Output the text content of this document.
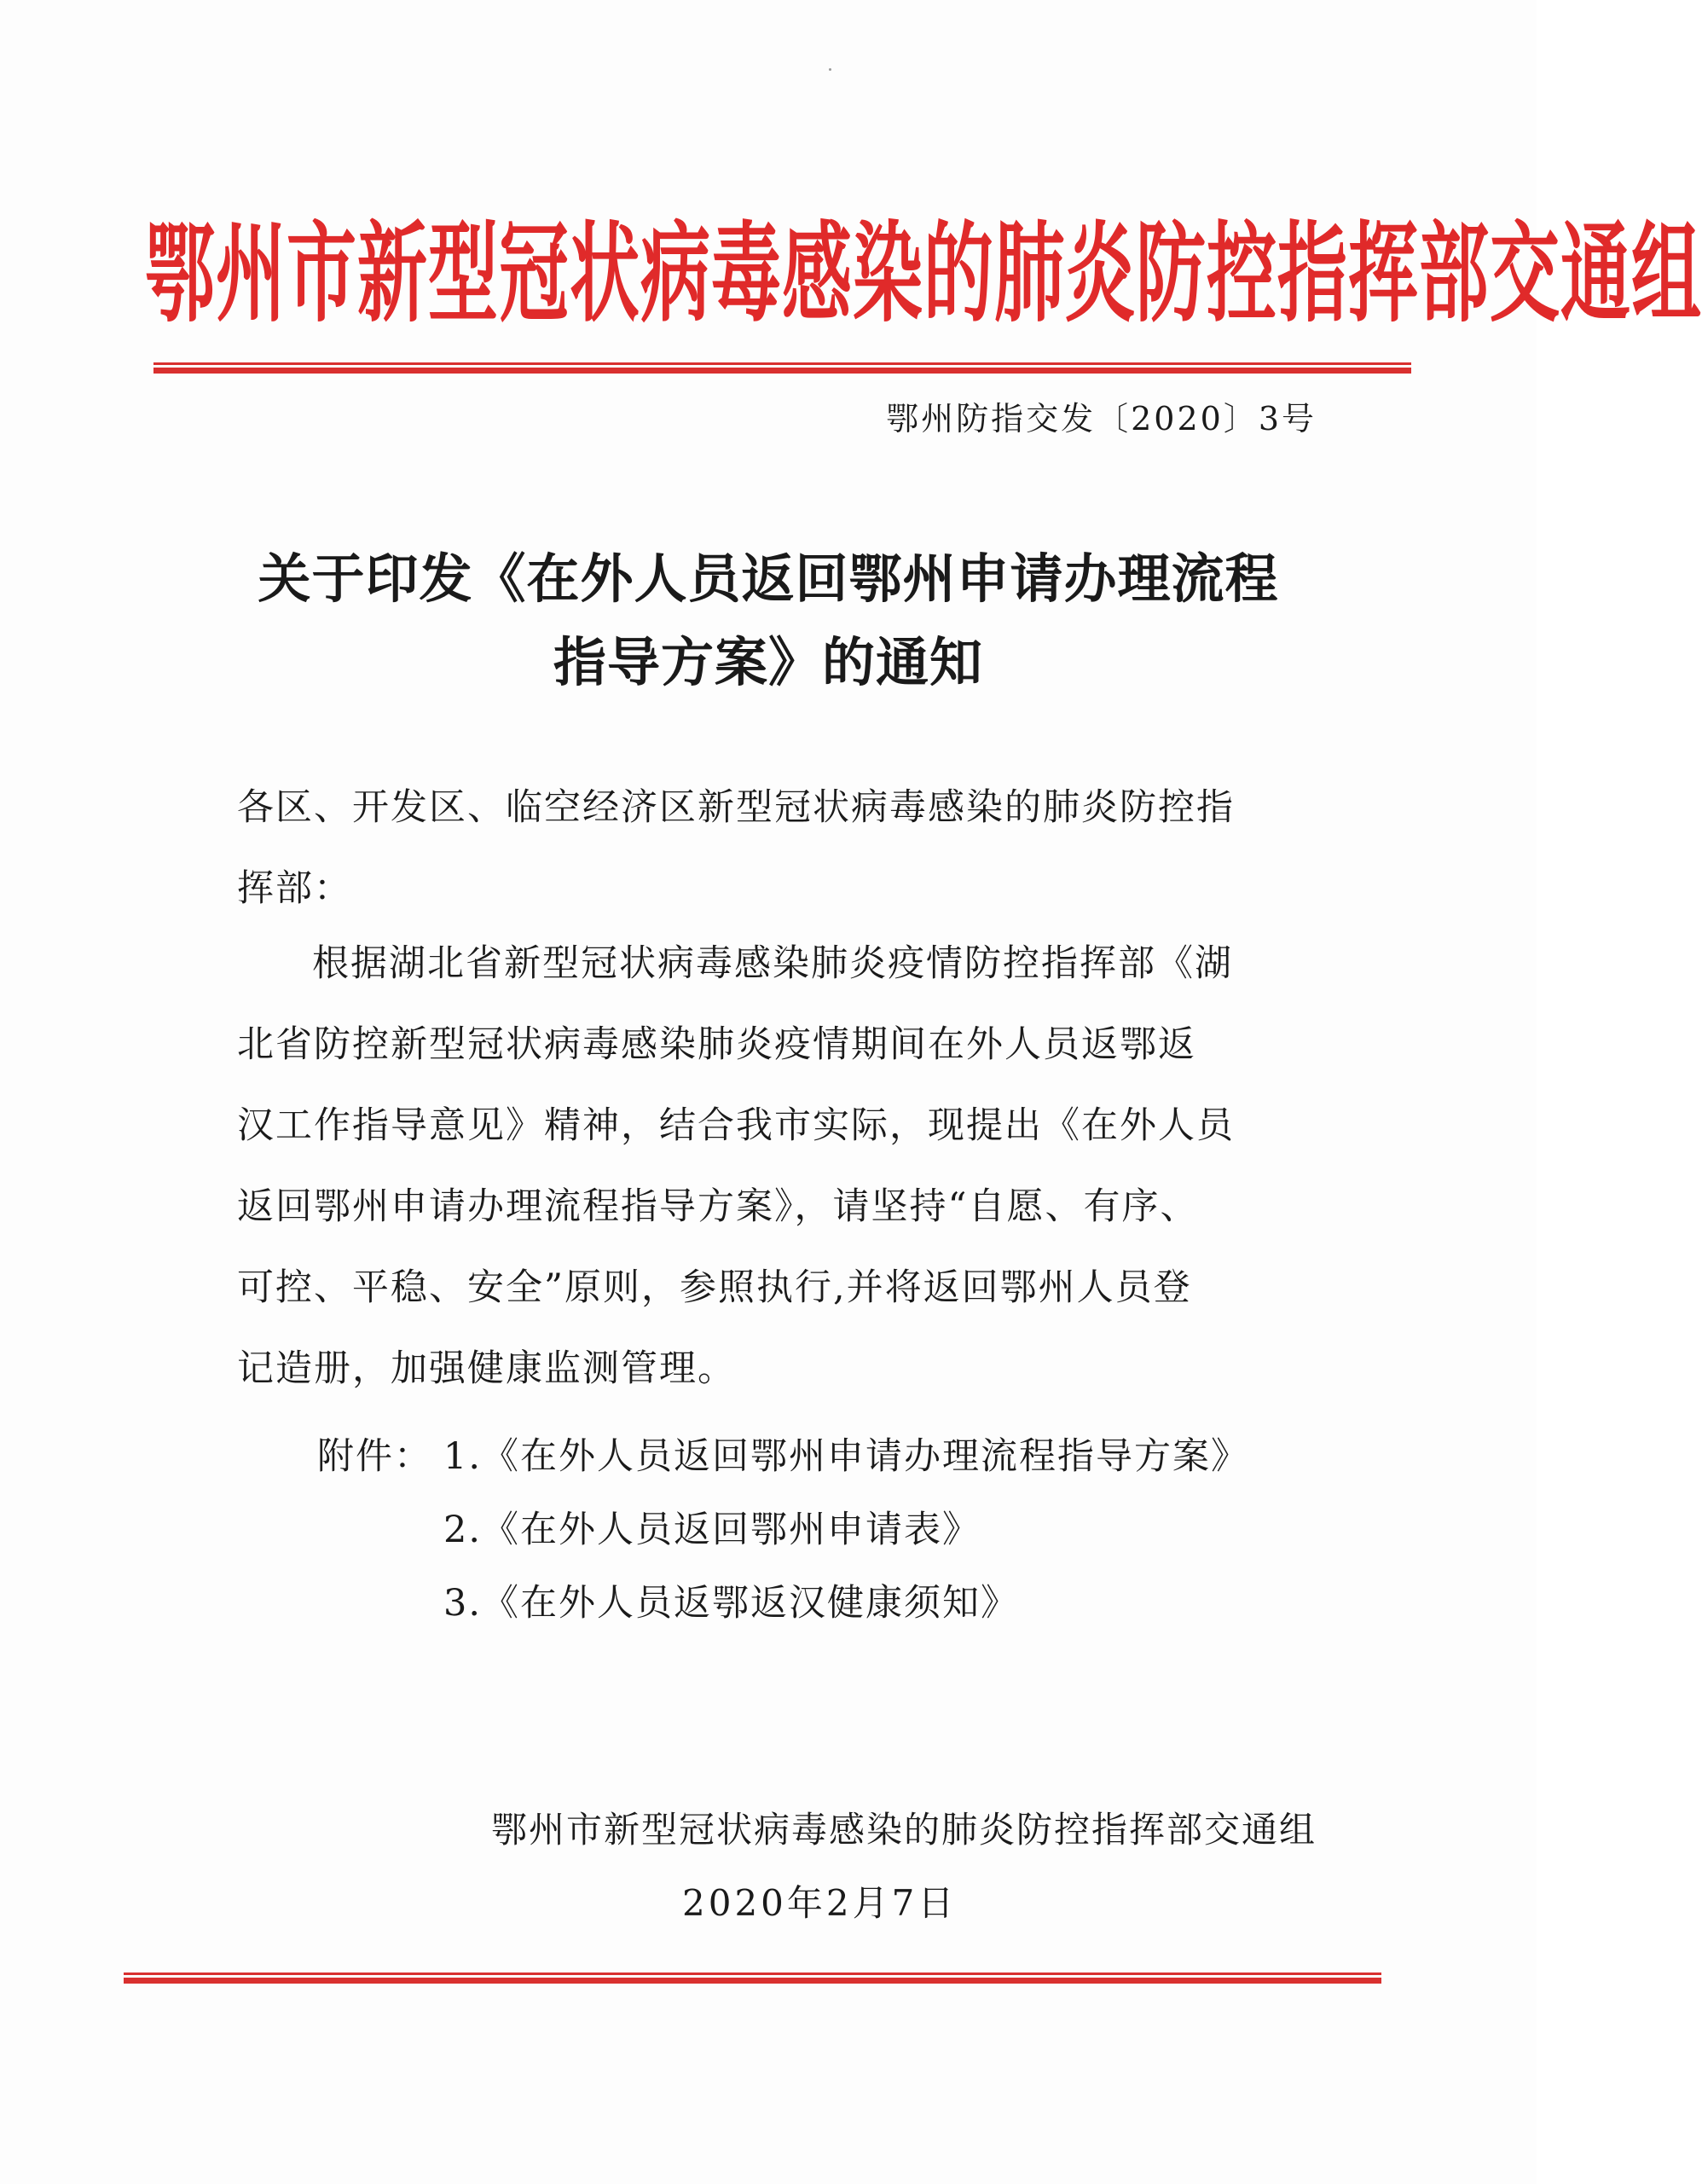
鄂州市新型冠状病毒感染的肺炎防控指挥部交通组
鄂州防指交发〔2020〕3号
关于印发《在外人员返回鄂州申请办理流程
指导方案》的通知
各区、开发区、临空经济区新型冠状病毒感染的肺炎防控指
挥部：
根据湖北省新型冠状病毒感染肺炎疫情防控指挥部《湖
北省防控新型冠状病毒感染肺炎疫情期间在外人员返鄂返
汉工作指导意见》精神，结合我市实际，现提出《在外人员
返回鄂州申请办理流程指导方案》，请坚持“自愿、有序、
可控、平稳、安全”原则，参照执行,并将返回鄂州人员登
记造册，加强健康监测管理。
附件： 1.《在外人员返回鄂州申请办理流程指导方案》
2.《在外人员返回鄂州申请表》
3.《在外人员返鄂返汉健康须知》
鄂州市新型冠状病毒感染的肺炎防控指挥部交通组
2020年2月7日
